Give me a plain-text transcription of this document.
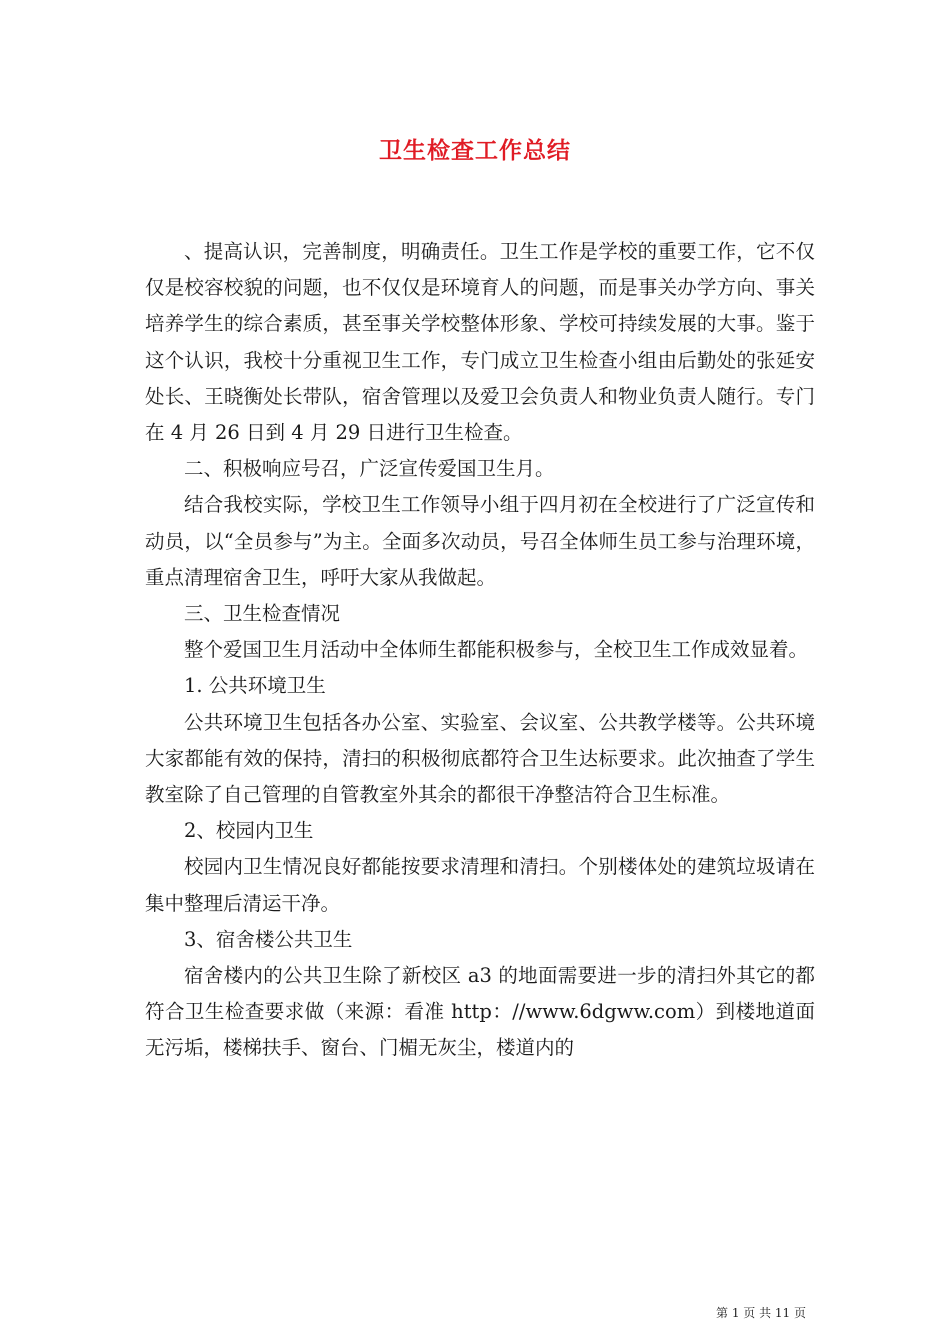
卫生检查工作总结

、提高认识，完善制度，明确责任。卫生工作是学校的重要工作，它不仅仅是校容校貌的问题，也不仅仅是环境育人的问题，而是事关办学方向、事关培养学生的综合素质，甚至事关学校整体形象、学校可持续发展的大事。鉴于这个认识，我校十分重视卫生工作，专门成立卫生检查小组由后勤处的张延安处长、王晓衡处长带队，宿舍管理以及爱卫会负责人和物业负责人随行。专门在 4 月 26 日到 4 月 29 日进行卫生检查。

二、积极响应号召，广泛宣传爱国卫生月。

结合我校实际，学校卫生工作领导小组于四月初在全校进行了广泛宣传和动员，以“全员参与”为主。全面多次动员，号召全体师生员工参与治理环境，重点清理宿舍卫生，呼吁大家从我做起。

三、卫生检查情况

整个爱国卫生月活动中全体师生都能积极参与，全校卫生工作成效显着。

1. 公共环境卫生

公共环境卫生包括各办公室、实验室、会议室、公共教学楼等。公共环境大家都能有效的保持，清扫的积极彻底都符合卫生达标要求。此次抽查了学生教室除了自己管理的自管教室外其余的都很干净整洁符合卫生标准。

2、校园内卫生

校园内卫生情况良好都能按要求清理和清扫。个别楼体处的建筑垃圾请在集中整理后清运干净。

3、宿舍楼公共卫生

宿舍楼内的公共卫生除了新校区 a3 的地面需要进一步的清扫外其它的都符合卫生检查要求做（来源：看准 http：//www.6dgww.com）到楼地道面无污垢，楼梯扶手、窗台、门楣无灰尘，楼道内的

第 1 页 共 11 页
